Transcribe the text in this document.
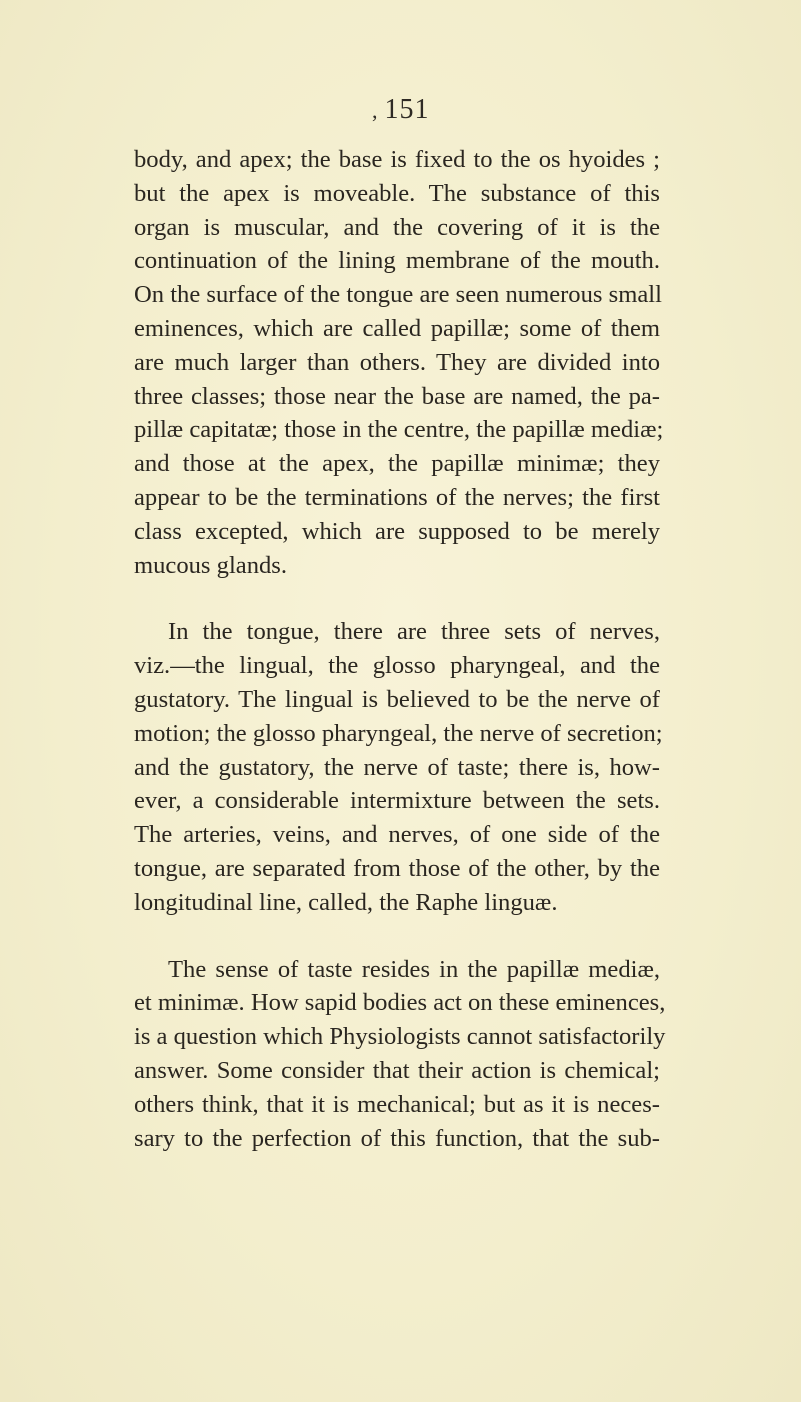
, 151
body, and apex; the base is fixed to the os hyoides ;
but the apex is moveable. The substance of this
organ is muscular, and the covering of it is the
continuation of the lining membrane of the mouth.
On the surface of the tongue are seen numerous small
eminences, which are called papillæ; some of them
are much larger than others. They are divided into
three classes; those near the base are named, the pa-
pillæ capitatæ; those in the centre, the papillæ mediæ;
and those at the apex, the papillæ minimæ; they
appear to be the terminations of the nerves; the first
class excepted, which are supposed to be merely
mucous glands.
In the tongue, there are three sets of nerves,
viz.—the lingual, the glosso pharyngeal, and the
gustatory. The lingual is believed to be the nerve of
motion; the glosso pharyngeal, the nerve of secretion;
and the gustatory, the nerve of taste; there is, how-
ever, a considerable intermixture between the sets.
The arteries, veins, and nerves, of one side of the
tongue, are separated from those of the other, by the
longitudinal line, called, the Raphe linguæ.
The sense of taste resides in the papillæ mediæ,
et minimæ. How sapid bodies act on these eminences,
is a question which Physiologists cannot satisfactorily
answer. Some consider that their action is chemical;
others think, that it is mechanical; but as it is neces-
sary to the perfection of this function, that the sub-
